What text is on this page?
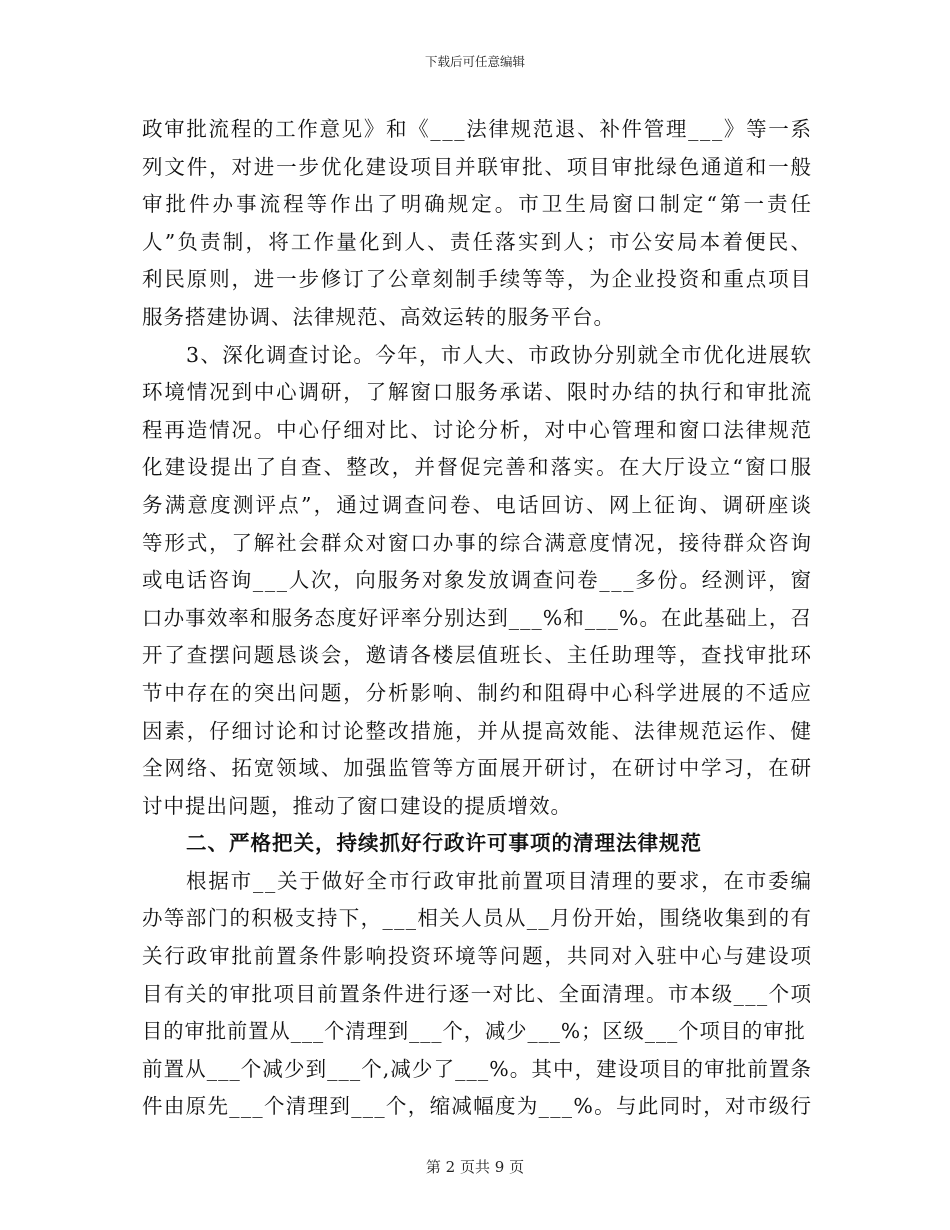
下载后可任意编辑
政审批流程的工作意见》和《___法律规范退、补件管理___》等一系
列文件，对进一步优化建设项目并联审批、项目审批绿色通道和一般
审批件办事流程等作出了明确规定。市卫生局窗口制定“第一责任
人”负责制，将工作量化到人、责任落实到人；市公安局本着便民、
利民原则，进一步修订了公章刻制手续等等，为企业投资和重点项目
服务搭建协调、法律规范、高效运转的服务平台。
3、深化调查讨论。今年，市人大、市政协分别就全市优化进展软
环境情况到中心调研，了解窗口服务承诺、限时办结的执行和审批流
程再造情况。中心仔细对比、讨论分析，对中心管理和窗口法律规范
化建设提出了自查、整改，并督促完善和落实。在大厅设立“窗口服
务满意度测评点”，通过调查问卷、电话回访、网上征询、调研座谈
等形式，了解社会群众对窗口办事的综合满意度情况，接待群众咨询
或电话咨询___人次，向服务对象发放调查问卷___多份。经测评，窗
口办事效率和服务态度好评率分别达到___%和___%。在此基础上，召
开了查摆问题恳谈会，邀请各楼层值班长、主任助理等，查找审批环
节中存在的突出问题，分析影响、制约和阻碍中心科学进展的不适应
因素，仔细讨论和讨论整改措施，并从提高效能、法律规范运作、健
全网络、拓宽领域、加强监管等方面展开研讨，在研讨中学习，在研
讨中提出问题，推动了窗口建设的提质增效。
二、严格把关，持续抓好行政许可事项的清理法律规范
根据市__关于做好全市行政审批前置项目清理的要求，在市委编
办等部门的积极支持下，___相关人员从__月份开始，围绕收集到的有
关行政审批前置条件影响投资环境等问题，共同对入驻中心与建设项
目有关的审批项目前置条件进行逐一对比、全面清理。市本级___个项
目的审批前置从___个清理到___个，减少___%；区级___个项目的审批
前置从___个减少到___个,减少了___%。其中，建设项目的审批前置条
件由原先___个清理到___个，缩减幅度为___%。与此同时，对市级行
第 2 页共 9 页
